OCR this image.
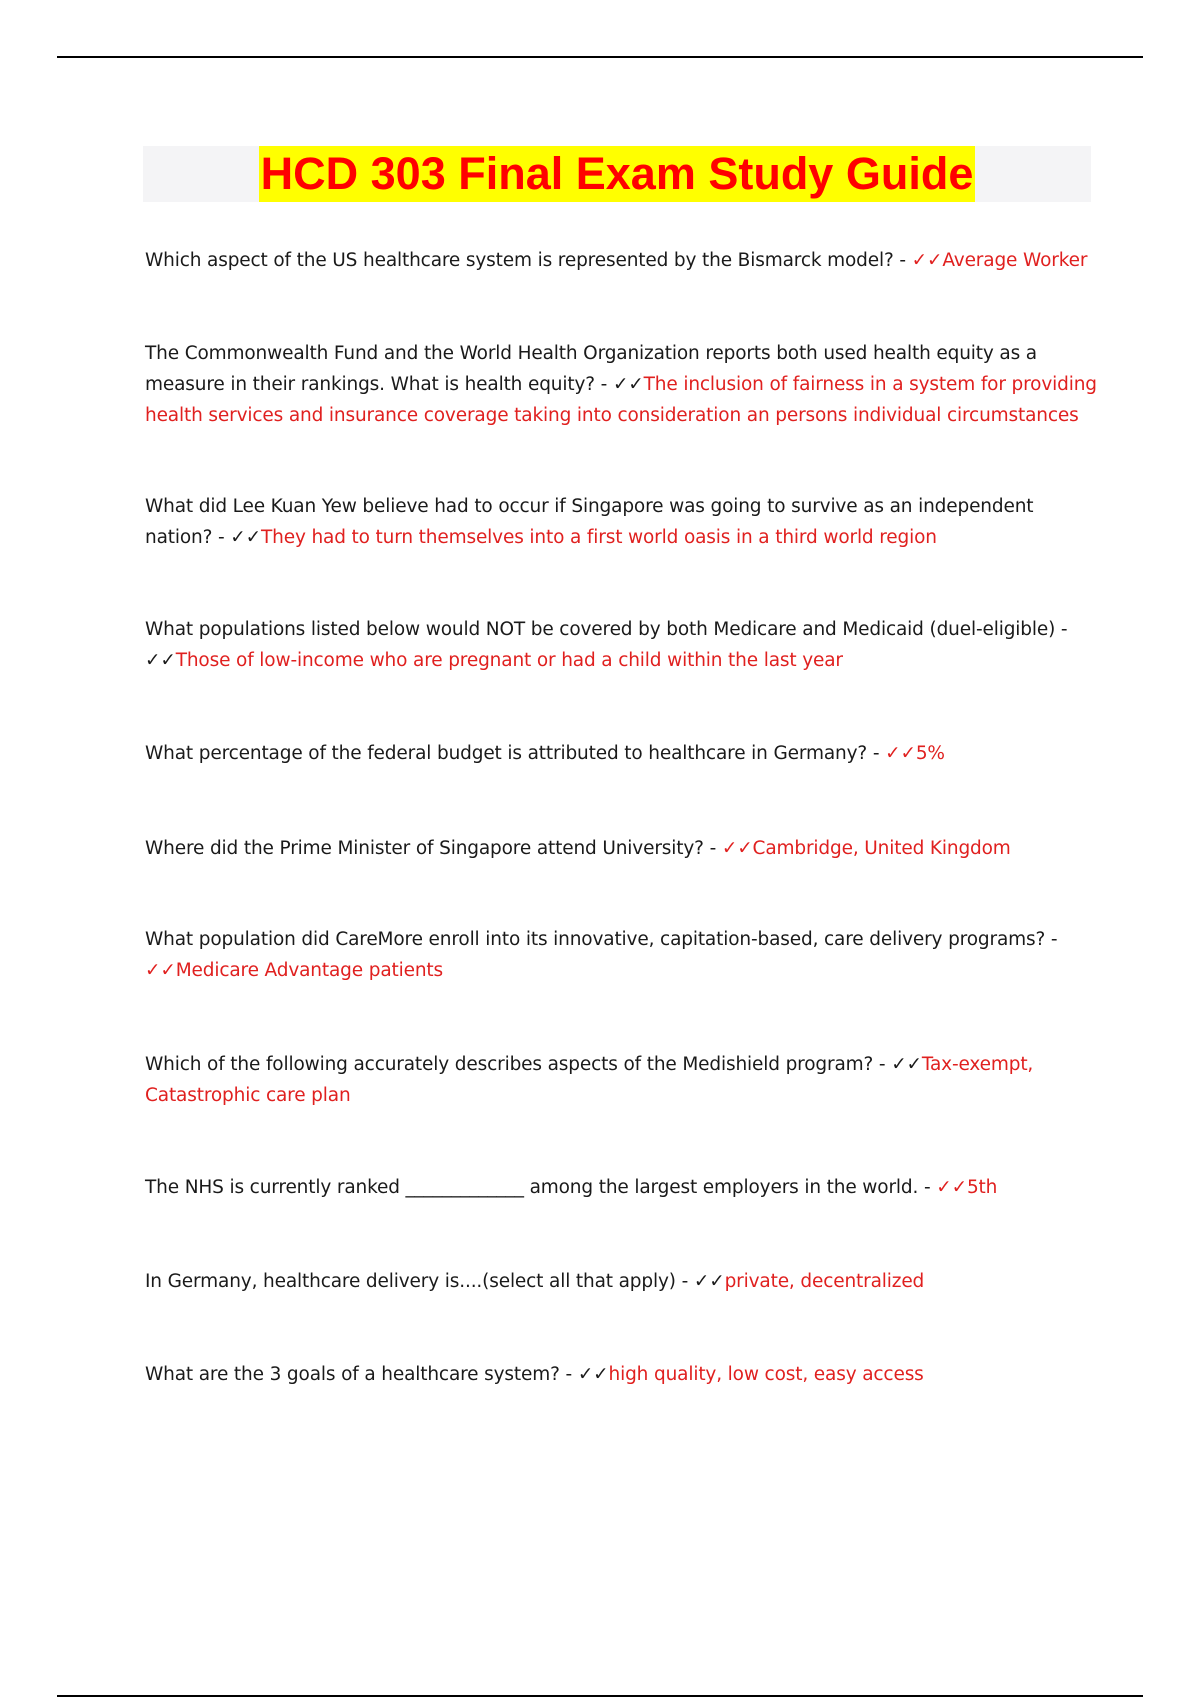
HCD 303 Final Exam Study Guide

Which aspect of the US healthcare system is represented by the Bismarck model? - ✓✓Average Worker

The Commonwealth Fund and the World Health Organization reports both used health equity as a measure in their rankings. What is health equity? - ✓✓The inclusion of fairness in a system for providing health services and insurance coverage taking into consideration an persons individual circumstances

What did Lee Kuan Yew believe had to occur if Singapore was going to survive as an independent nation? - ✓✓They had to turn themselves into a first world oasis in a third world region

What populations listed below would NOT be covered by both Medicare and Medicaid (duel-eligible) - ✓✓Those of low-income who are pregnant or had a child within the last year

What percentage of the federal budget is attributed to healthcare in Germany? - ✓✓5%

Where did the Prime Minister of Singapore attend University? - ✓✓Cambridge, United Kingdom

What population did CareMore enroll into its innovative, capitation-based, care delivery programs? - ✓✓Medicare Advantage patients

Which of the following accurately describes aspects of the Medishield program? - ✓✓Tax-exempt, Catastrophic care plan

The NHS is currently ranked _____________ among the largest employers in the world. - ✓✓5th

In Germany, healthcare delivery is....(select all that apply) - ✓✓private, decentralized

What are the 3 goals of a healthcare system? - ✓✓high quality, low cost, easy access
